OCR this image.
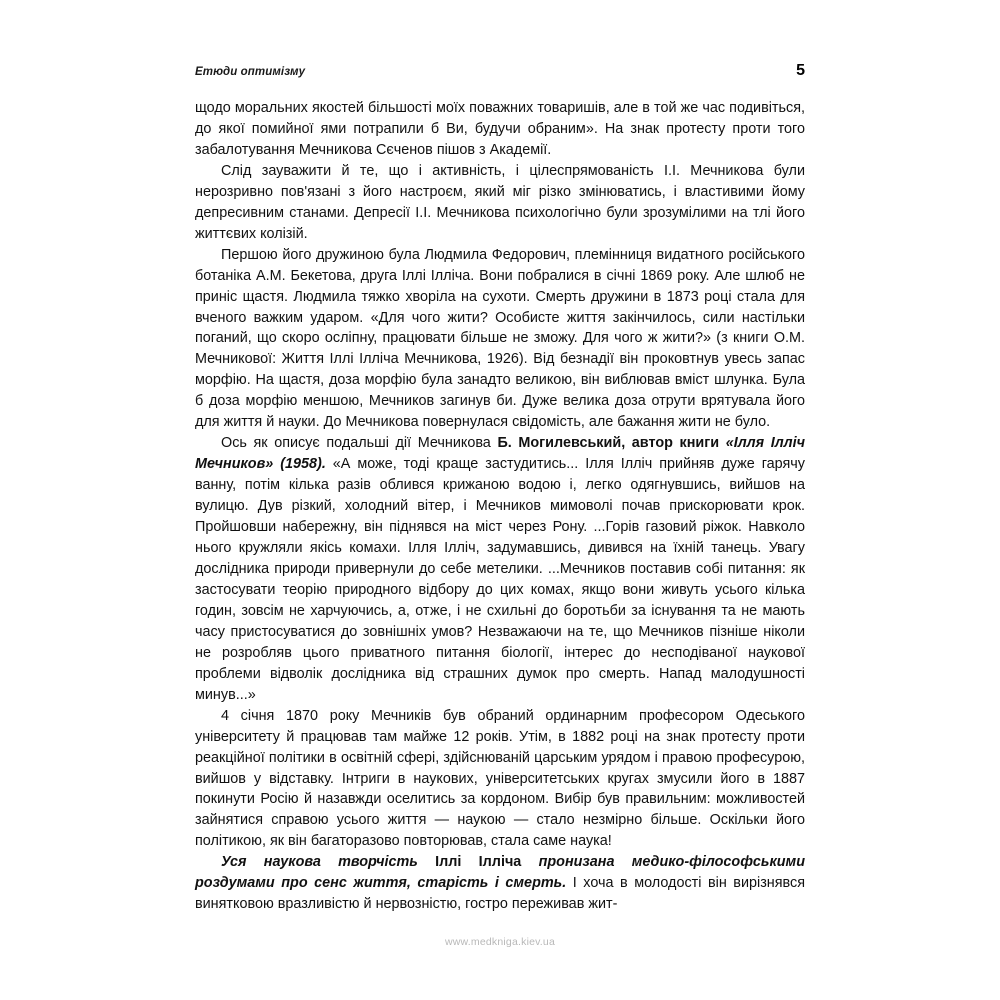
Етюди оптимізму	5

щодо моральних якостей більшості моїх поважних товаришів, але в той же час подивіться, до якої помийної ями потрапили б Ви, будучи обраним». На знак протесту проти того забалотування Мечникова Сєченов пішов з Академії.

Слід зауважити й те, що і активність, і цілеспрямованість І.І. Мечникова були нерозривно пов'язані з його настроєм, який міг різко змінюватись, і властивими йому депресивним станами. Депресії І.І. Мечникова психологічно були зрозумілими на тлі його життєвих колізій.

Першою його дружиною була Людмила Федорович, племінниця видатного російського ботаніка А.М. Бекетова, друга Іллі Ілліча. Вони побралися в січні 1869 року. Але шлюб не приніс щастя. Людмила тяжко хворіла на сухоти. Смерть дружини в 1873 році стала для вченого важким ударом. «Для чого жити? Особисте життя закінчилось, сили настільки поганий, що скоро осліпну, працювати більше не зможу. Для чого ж жити?» (з книги О.М. Мечникової: Життя Іллі Ілліча Мечникова, 1926). Від безнадії він проковтнув увесь запас морфію. На щастя, доза морфію була занадто великою, він виблював вміст шлунка. Була б доза морфію меншою, Мечников загинув би. Дуже велика доза отрути врятувала його для життя й науки. До Мечникова повернулася свідомість, але бажання жити не було.

Ось як описує подальші дії Мечникова Б. Могилевський, автор книги «Ілля Ілліч Мечников» (1958). «А може, тоді краще застудитись... Ілля Ілліч прийняв дуже гарячу ванну, потім кілька разів облився крижаною водою і, легко одягнувшись, вийшов на вулицю. Дув різкий, холодний вітер, і Мечников мимоволі почав прискорювати крок. Пройшовши набережну, він піднявся на міст через Рону. ...Горів газовий ріжок. Навколо нього кружляли якісь комахи. Ілля Ілліч, задумавшись, дивився на їхній танець. Увагу дослідника природи привернули до себе метелики. ...Мечников поставив собі питання: як застосувати теорію природного відбору до цих комах, якщо вони живуть усього кілька годин, зовсім не харчуючись, а, отже, і не схильні до боротьби за існування та не мають часу пристосуватися до зовнішніх умов? Незважаючи на те, що Мечников пізніше ніколи не розробляв цього приватного питання біології, інтерес до несподіваної наукової проблеми відволік дослідника від страшних думок про смерть. Напад малодушності минув...»

4 січня 1870 року Мечників був обраний ординарним професором Одеського університету й працював там майже 12 років. Утім, в 1882 році на знак протесту проти реакційної політики в освітній сфері, здійснюваній царським урядом і правою професурою, вийшов у відставку. Інтриги в наукових, університетських кругах змусили його в 1887 покинути Росію й назавжди оселитись за кордоном. Вибір був правильним: можливостей зайнятися справою усього життя — наукою — стало незмірно більше. Оскільки його політикою, як він багаторазово повторював, стала саме наука!

Уся наукова творчість Іллі Ілліча пронизана медико-філософськими роздумами про сенс життя, старість і смерть. І хоча в молодості він вирізнявся винятковою вразливістю й нервозністю, гостро переживав жит-

www.medkniga.kiev.ua
